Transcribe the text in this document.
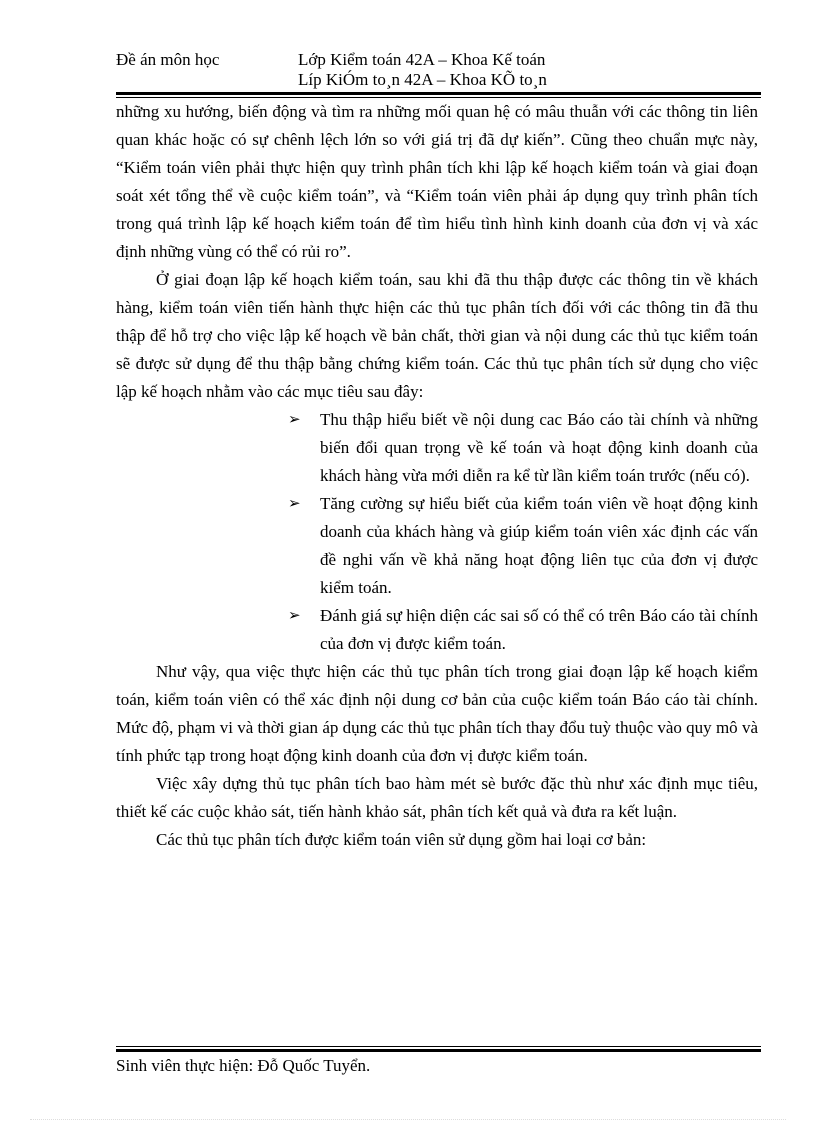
Đề án môn học	Lớp Kiểm toán 42A – Khoa Kế toán
Líp KiÓm to¸n 42A – Khoa KÕ to¸n

những xu hướng, biến động và tìm ra những mối quan hệ có mâu thuẫn với các thông tin liên quan khác hoặc có sự chênh lệch lớn so với giá trị đã dự kiến”. Cũng theo chuẩn mực này, “Kiểm toán viên phải thực hiện quy trình phân tích khi lập kế hoạch kiểm toán và giai đoạn soát xét tổng thể về cuộc kiểm toán”, và “Kiểm toán viên phải áp dụng quy trình phân tích trong quá trình lập kế hoạch kiểm toán để tìm hiểu tình hình kinh doanh của đơn vị và xác định những vùng có thể có rủi ro”.

Ở giai đoạn lập kế hoạch kiểm toán, sau khi đã thu thập được các thông tin về khách hàng, kiểm toán viên tiến hành thực hiện các thủ tục phân tích đối với các thông tin đã thu thập để hỗ trợ cho việc lập kế hoạch về bản chất, thời gian và nội dung các thủ tục kiểm toán sẽ được sử dụng để thu thập bằng chứng kiểm toán. Các thủ tục phân tích sử dụng cho việc lập kế hoạch nhằm vào các mục tiêu sau đây:

➢ Thu thập hiểu biết về nội dung cac Báo cáo tài chính và những biến đổi quan trọng về kế toán và hoạt động kinh doanh của khách hàng vừa mới diễn ra kể từ lần kiểm toán trước (nếu có).
➢ Tăng cường sự hiểu biết của kiểm toán viên về hoạt động kinh doanh của khách hàng và giúp kiểm toán viên xác định các vấn đề nghi vấn về khả năng hoạt động liên tục của đơn vị được kiểm toán.
➢ Đánh giá sự hiện diện các sai số có thể có trên Báo cáo tài chính của đơn vị được kiểm toán.

Như vậy, qua việc thực hiện các thủ tục phân tích trong giai đoạn lập kế hoạch kiểm toán, kiểm toán viên có thể xác định nội dung cơ bản của cuộc kiểm toán Báo cáo tài chính. Mức độ, phạm vi và thời gian áp dụng các thủ tục phân tích thay đổu tuỳ thuộc vào quy mô và tính phức tạp trong hoạt động kinh doanh của đơn vị được kiểm toán.

Việc xây dựng thủ tục phân tích bao hàm mét sè bước đặc thù như xác định mục tiêu, thiết kế các cuộc khảo sát, tiến hành khảo sát, phân tích kết quả và đưa ra kết luận.

Các thủ tục phân tích được kiểm toán viên sử dụng gồm hai loại cơ bản:

Sinh viên thực hiện: Đỗ Quốc Tuyển.
